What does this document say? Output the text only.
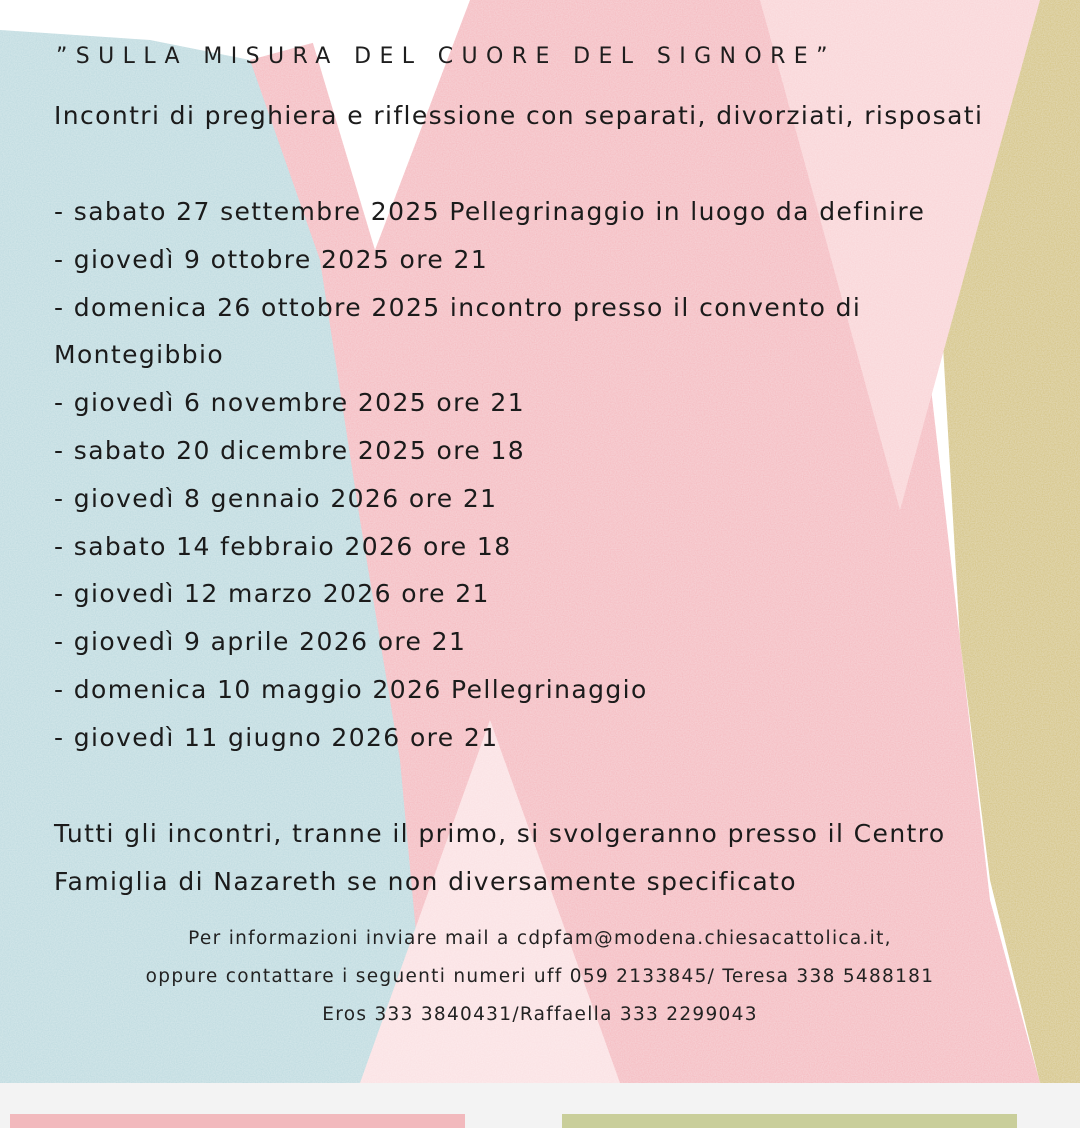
”SULLA MISURA DEL CUORE DEL SIGNORE”
Incontri di preghiera e riflessione con separati, divorziati, risposati
- sabato 27 settembre 2025 Pellegrinaggio in luogo da definire
- giovedì 9 ottobre 2025 ore 21
- domenica 26 ottobre 2025 incontro presso il convento di Montegibbio
- giovedì 6 novembre 2025 ore 21
- sabato 20 dicembre 2025 ore 18
- giovedì 8 gennaio 2026 ore 21
- sabato 14 febbraio 2026 ore 18
- giovedì 12 marzo 2026 ore 21
- giovedì 9 aprile 2026 ore 21
- domenica 10 maggio 2026 Pellegrinaggio
- giovedì 11 giugno 2026 ore 21
Tutti gli incontri, tranne il primo, si svolgeranno presso il Centro Famiglia di Nazareth se non diversamente specificato
Per informazioni inviare mail a cdpfam@modena.chiesacattolica.it,
oppure contattare i seguenti numeri uff 059 2133845/ Teresa 338 5488181
Eros 333 3840431/Raffaella 333 2299043
